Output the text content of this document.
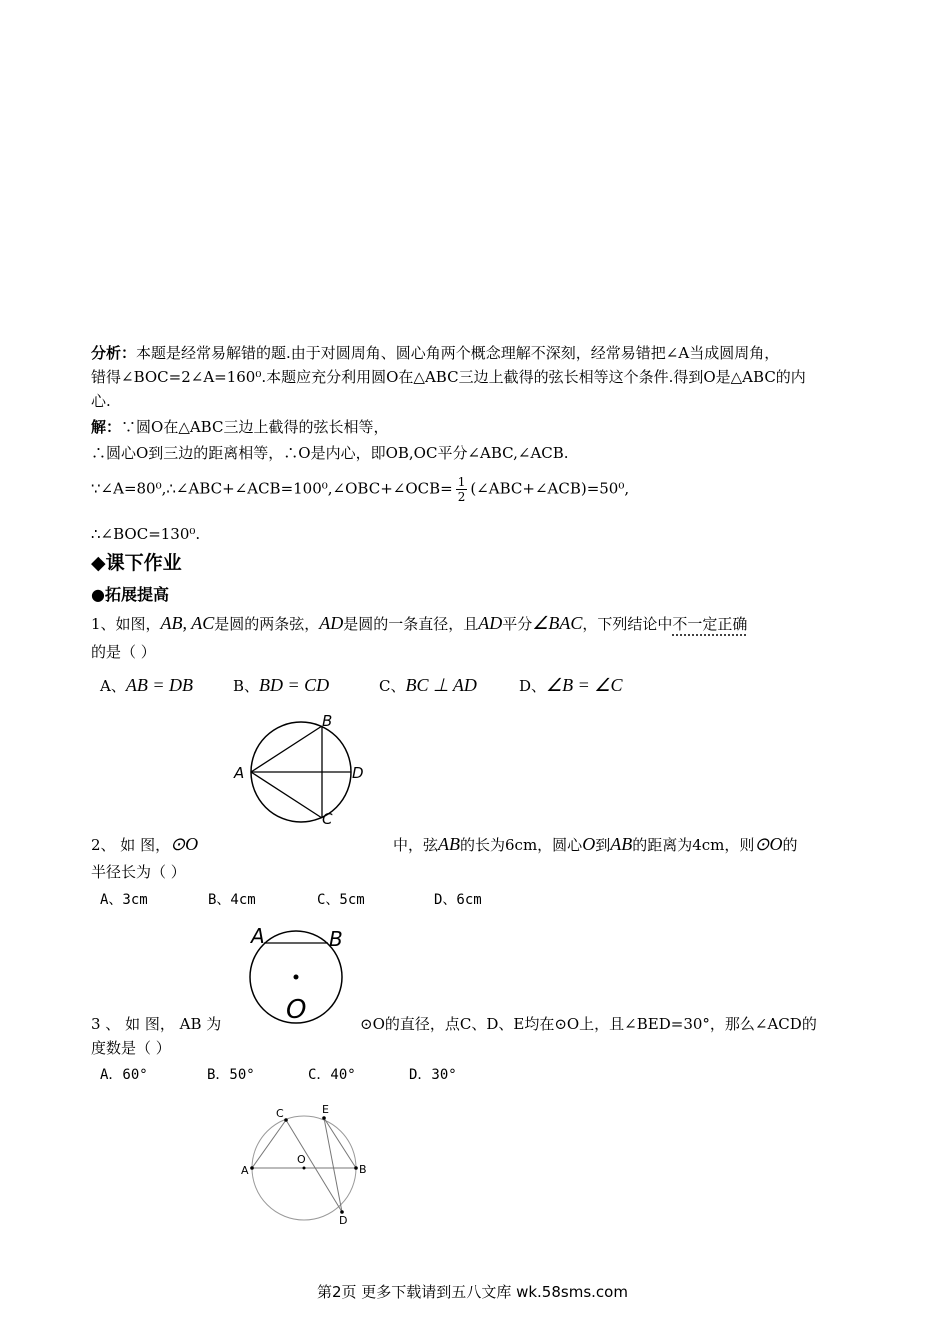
分析：本题是经常易解错的题.由于对圆周角、圆心角两个概念理解不深刻，经常易错把∠A当成圆周角，
错得∠BOC=2∠A=160⁰.本题应充分利用圆O在△ABC三边上截得的弦长相等这个条件.得到O是△ABC的内
心.
解：∵圆O在△ABC三边上截得的弦长相等，
∴圆心O到三边的距离相等，∴O是内心，即OB,OC平分∠ABC,∠ACB.
∵∠A=80⁰,∴∠ABC+∠ACB=100⁰,∠OBC+∠OCB= $\frac{1}{2}$ (∠ABC+∠ACB)=50⁰,
∴∠BOC=130⁰.
◆课下作业
●拓展提高
1、如图，AB, AC是圆的两条弦，AD是圆的一条直径，且AD平分∠BAC，下列结论中不一定正确
的是（ ）
A、AB = DB	B、BD = CD	C、BC ⊥ AD	D、∠B = ∠C
A
B
D
C
2、 如 图，⊙O	中，弦AB的长为6cm，圆心O到AB的距离为4cm，则⊙O的
半径长为（ ）
A、3cm	B、4cm	C、5cm	D、6cm
A	B
O
3 、 如 图， AB 为	⊙O的直径，点C、D、E均在⊙O上，且∠BED=30°，那么∠ACD的
度数是（ ）
A．60°	B．50°	C．40°	D．30°
A	B
C	E
D
O
第2页 更多下载请到五八文库 wk.58sms.com
